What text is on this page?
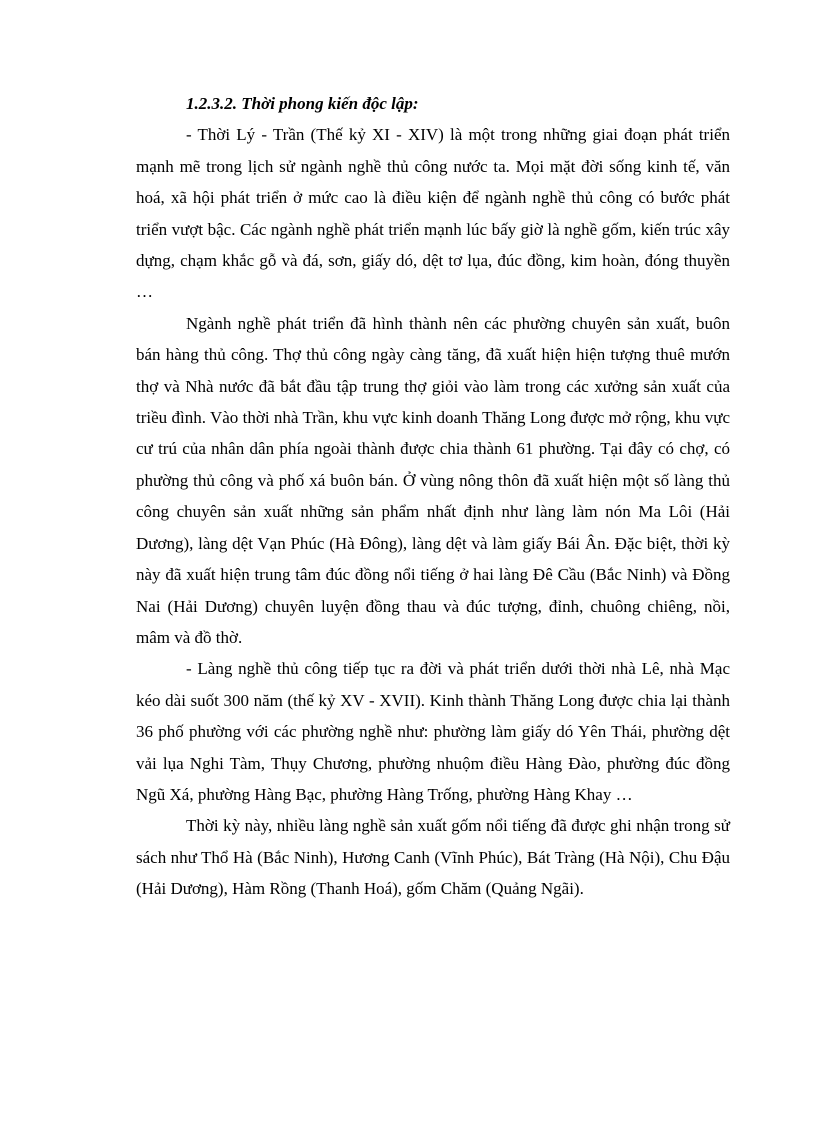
1.2.3.2. Thời phong kiến độc lập:

- Thời Lý - Trần (Thế kỷ XI - XIV) là một trong những giai đoạn phát triển mạnh mẽ trong lịch sử ngành nghề thủ công nước ta. Mọi mặt đời sống kinh tế, văn hoá, xã hội phát triển ở mức cao là điều kiện để ngành nghề thủ công có bước phát triển vượt bậc. Các ngành nghề phát triển mạnh lúc bấy giờ là nghề gốm, kiến trúc xây dựng, chạm khắc gỗ và đá, sơn, giấy dó, dệt tơ lụa, đúc đồng, kim hoàn, đóng thuyền …

Ngành nghề phát triển đã hình thành nên các phường chuyên sản xuất, buôn bán hàng thủ công. Thợ thủ công ngày càng tăng, đã xuất hiện hiện tượng thuê mướn thợ và Nhà nước đã bắt đầu tập trung thợ giỏi vào làm trong các xưởng sản xuất của triều đình. Vào thời nhà Trần, khu vực kinh doanh Thăng Long được mở rộng, khu vực cư trú của nhân dân phía ngoài thành được chia thành 61 phường. Tại đây có chợ, có phường thủ công và phố xá buôn bán. Ở vùng nông thôn đã xuất hiện một số làng thủ công chuyên sản xuất những sản phẩm nhất định như làng làm nón Ma Lôi (Hải Dương), làng dệt Vạn Phúc (Hà Đông), làng dệt và làm giấy Bái Ân. Đặc biệt, thời kỳ này đã xuất hiện trung tâm đúc đồng nổi tiếng ở hai làng Đê Cầu (Bắc Ninh) và Đồng Nai (Hải Dương) chuyên luyện đồng thau và đúc tượng, đỉnh, chuông chiêng, nồi, mâm và đồ thờ.

- Làng nghề thủ công tiếp tục ra đời và phát triển dưới thời nhà Lê, nhà Mạc kéo dài suốt 300 năm (thế kỷ XV - XVII). Kinh thành Thăng Long được chia lại thành 36 phố phường với các phường nghề như: phường làm giấy dó Yên Thái, phường dệt vải lụa Nghi Tàm, Thụy Chương, phường nhuộm điều Hàng Đào, phường đúc đồng Ngũ Xá, phường Hàng Bạc, phường Hàng Trống, phường Hàng Khay …

Thời kỳ này, nhiều làng nghề sản xuất gốm nổi tiếng đã được ghi nhận trong sử sách như Thổ Hà (Bắc Ninh), Hương Canh (Vĩnh Phúc), Bát Tràng (Hà Nội), Chu Đậu (Hải Dương), Hàm Rồng (Thanh Hoá), gốm Chăm (Quảng Ngãi).
